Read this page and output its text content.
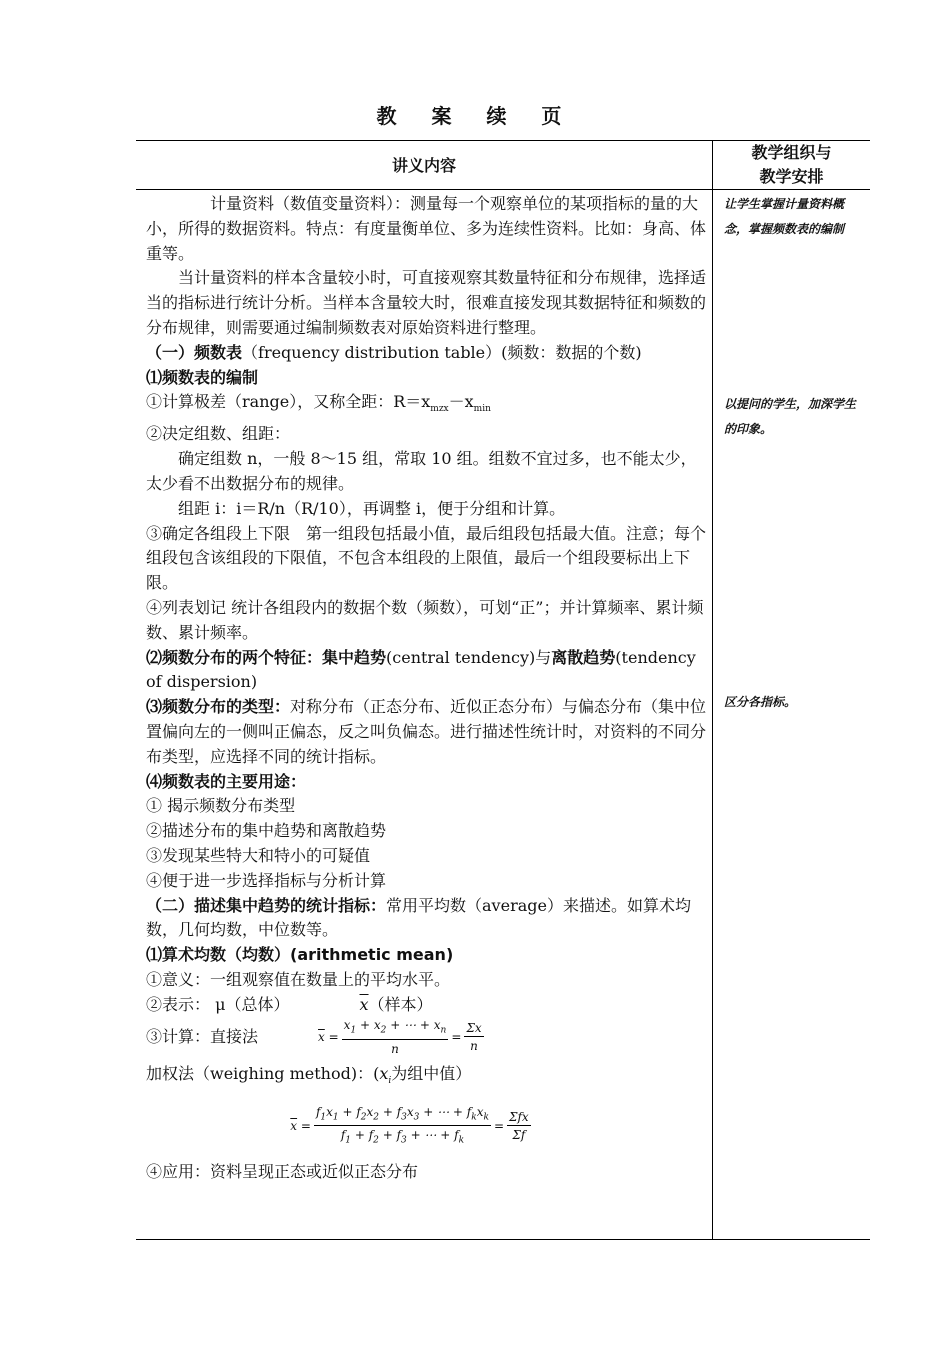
教 案 续 页
讲义内容
教学组织与
教学安排

计量资料（数值变量资料）：测量每一个观察单位的某项指标的量的大小，所得的数据资料。特点：有度量衡单位、多为连续性资料。比如：身高、体重等。

当计量资料的样本含量较小时，可直接观察其数量特征和分布规律，选择适当的指标进行统计分析。当样本含量较大时，很难直接发现其数据特征和频数的分布规律，则需要通过编制频数表对原始资料进行整理。

（一）频数表（frequency distribution table）(频数：数据的个数)

⑴频数表的编制

①计算极差（range），又称全距：$R=x_{mzx}-x_{min}$

②决定组数、组距：

确定组数 n，一般 8～15 组，常取 10 组。组数不宜过多，也不能太少，太少看不出数据分布的规律。

组距 i：i＝R/n（R/10），再调整 i，便于分组和计算。

③确定各组段上下限　第一组段包括最小值，最后组段包括最大值。注意；每个组段包含该组段的下限值，不包含本组段的上限值，最后一个组段要标出上下限。

④列表划记 统计各组段内的数据个数（频数），可划“正”；并计算频率、累计频数、累计频率。

⑵频数分布的两个特征：集中趋势(central tendency)与离散趋势(tendency of dispersion)

⑶频数分布的类型：对称分布（正态分布、近似正态分布）与偏态分布（集中位置偏向左的一侧叫正偏态，反之叫负偏态。进行描述性统计时，对资料的不同分布类型，应选择不同的统计指标。

⑷频数表的主要用途：

① 揭示频数分布类型

②描述分布的集中趋势和离散趋势

③发现某些特大和特小的可疑值

④便于进一步选择指标与分析计算

（二）描述集中趋势的统计指标：常用平均数（average）来描述。如算术均数，几何均数，中位数等。

⑴算术均数（均数）(arithmetic mean)

①意义：一组观察值在数量上的平均水平。

②表示： μ（总体）	$\overline{x}$（样本）

③计算：直接法	$\overline{x} = \frac{x_1 + x_2 + \cdots + x_n}{n} = \frac{\Sigma x}{n}$

加权法（weighing method)：($x_i$为组中值）

$\overline{x} = \frac{f_1x_1 + f_2x_2 + f_3x_3 + \cdots + f_kx_k}{f_1 + f_2 + f_3 + \cdots + f_k} = \frac{\text{Σfx}}{\Sigma f}$

④应用：资料呈现正态或近似正态分布

让学生掌握计量资料概念，掌握频数表的编制
以提问的学生，加深学生的印象。
区分各指标。
